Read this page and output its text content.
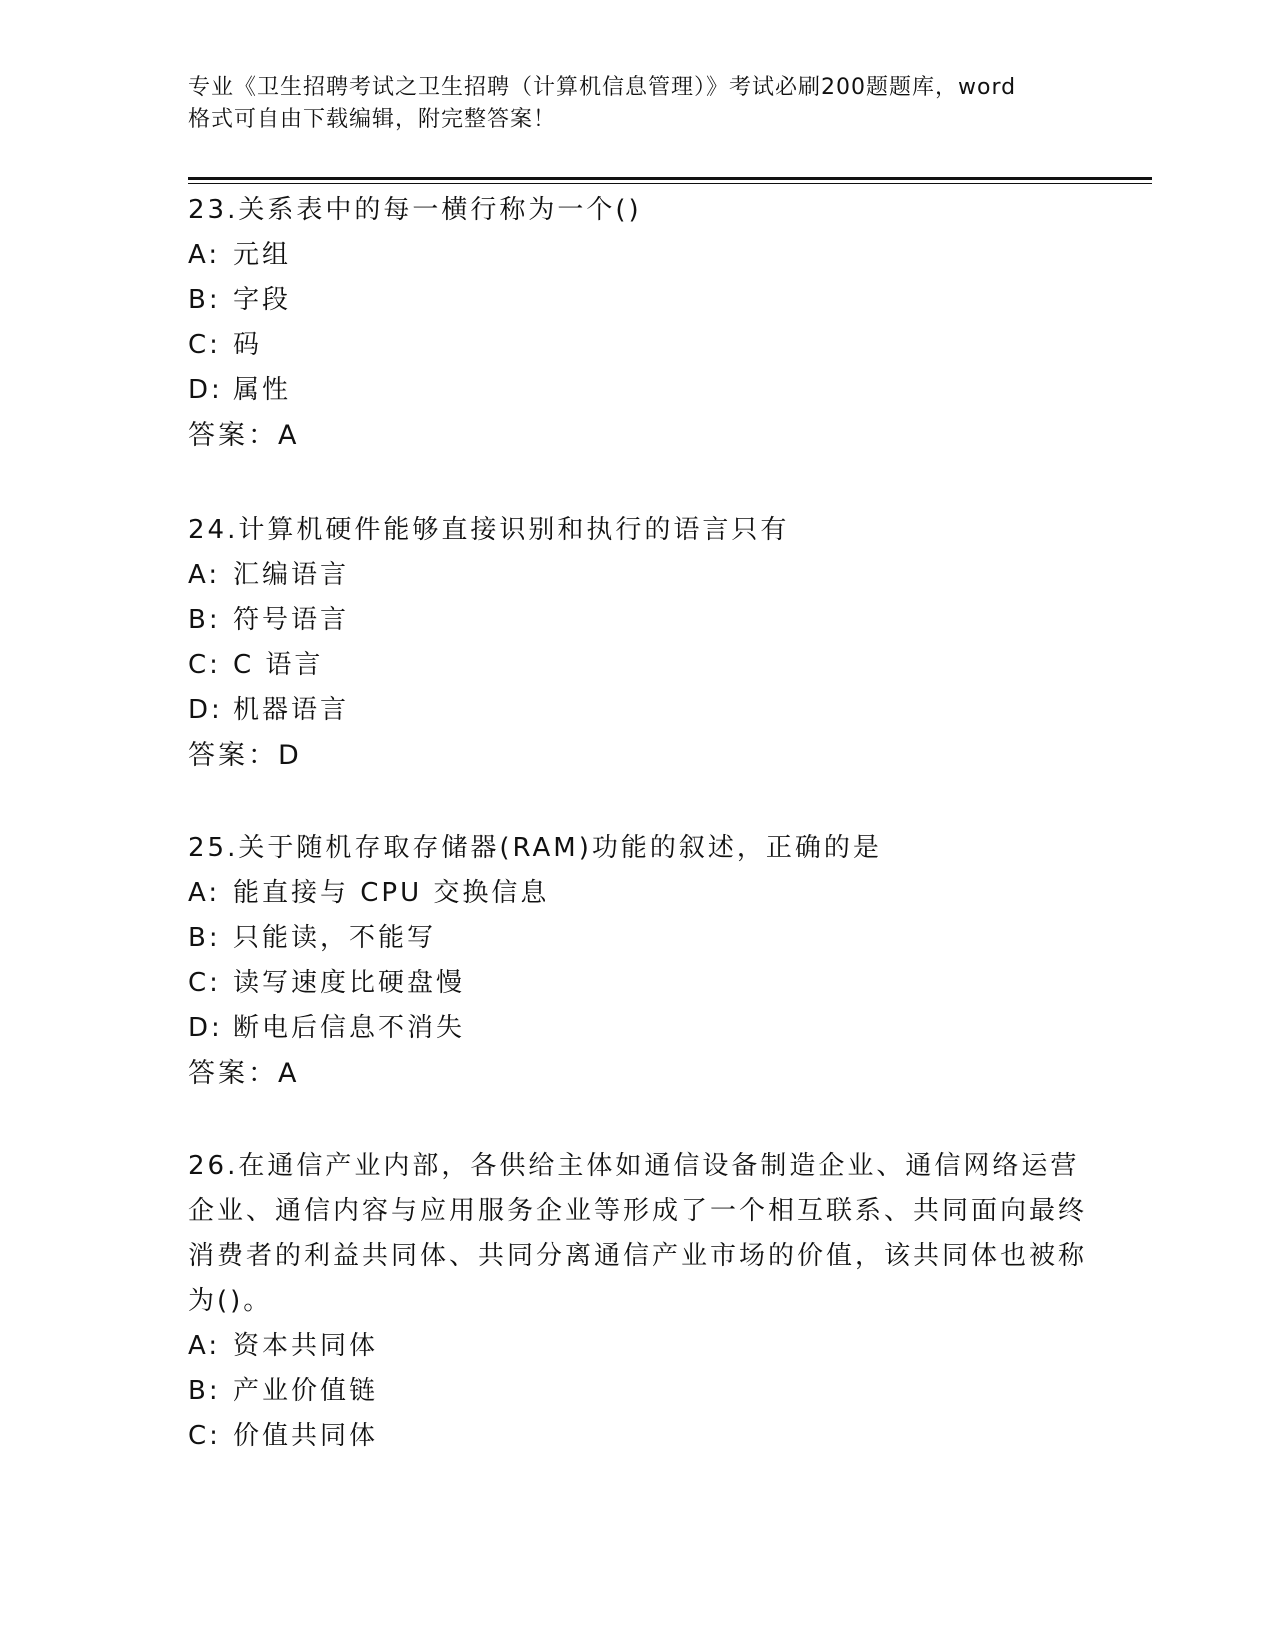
专业《卫生招聘考试之卫生招聘（计算机信息管理）》考试必刷200题题库，word
格式可自由下载编辑，附完整答案！
23.关系表中的每一横行称为一个()
A: 元组
B: 字段
C: 码
D: 属性
答案：A
24.计算机硬件能够直接识别和执行的语言只有
A: 汇编语言
B: 符号语言
C: C 语言
D: 机器语言
答案：D
25.关于随机存取存储器(RAM)功能的叙述，正确的是
A: 能直接与 CPU 交换信息
B: 只能读，不能写
C: 读写速度比硬盘慢
D: 断电后信息不消失
答案：A
26.在通信产业内部，各供给主体如通信设备制造企业、通信网络运营企业、通信内容与应用服务企业等形成了一个相互联系、共同面向最终消费者的利益共同体、共同分离通信产业市场的价值，该共同体也被称为()。
A: 资本共同体
B: 产业价值链
C: 价值共同体
